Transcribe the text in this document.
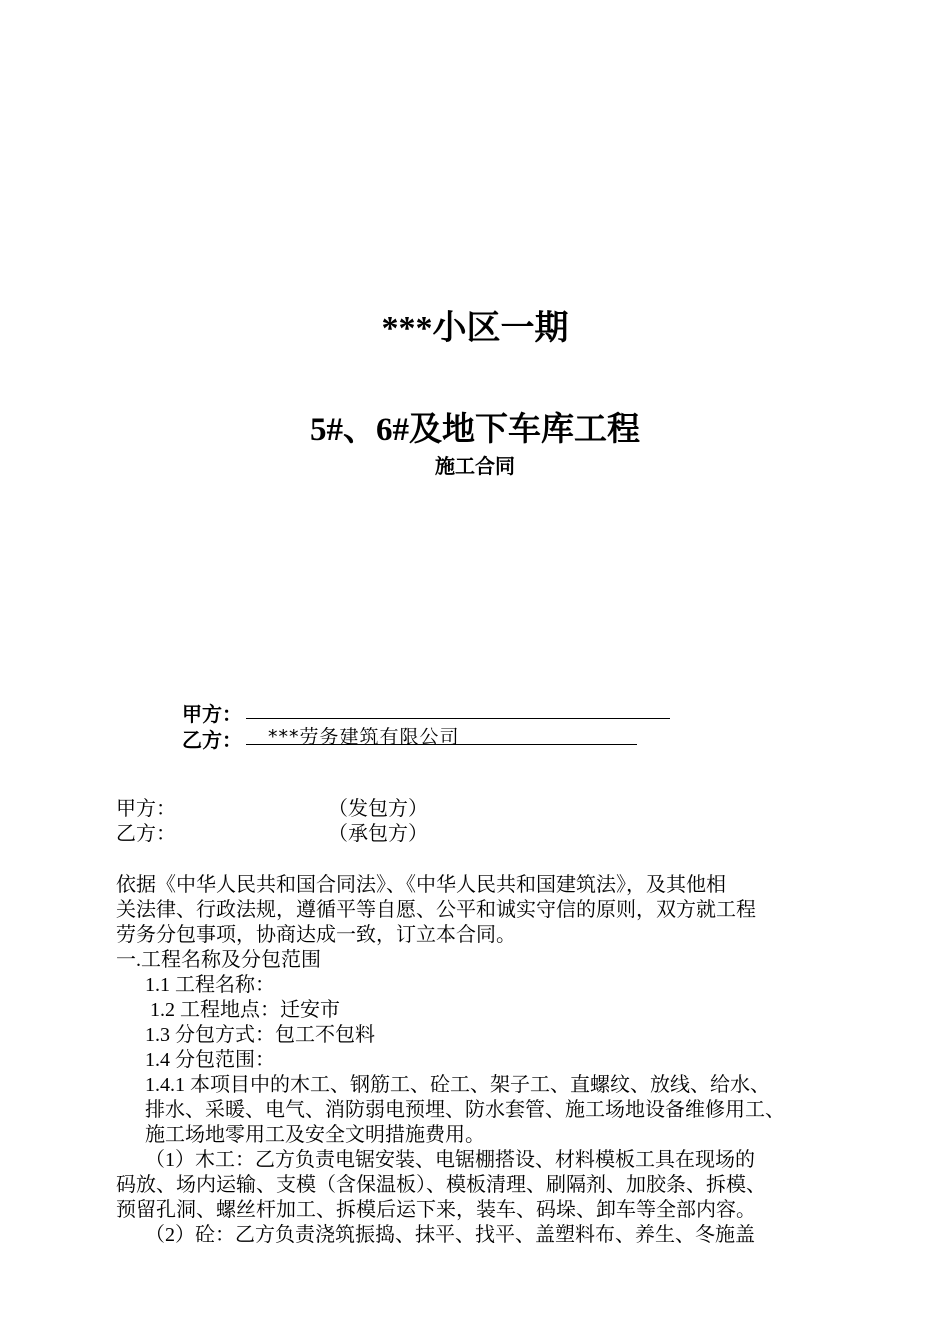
***小区一期
5#、6#及地下车库工程
施工合同
甲方：
乙方： ***劳务建筑有限公司
甲方：	（发包方）
乙方：	（承包方）
依据《中华人民共和国合同法》、《中华人民共和国建筑法》，及其他相
关法律、行政法规，遵循平等自愿、公平和诚实守信的原则，双方就工程
劳务分包事项，协商达成一致，订立本合同。
一.工程名称及分包范围
1.1 工程名称：
1.2 工程地点：迁安市
1.3 分包方式：包工不包料
1.4 分包范围：
1.4.1 本项目中的木工、钢筋工、砼工、架子工、直螺纹、放线、给水、
排水、采暖、电气、消防弱电预埋、防水套管、施工场地设备维修用工、
施工场地零用工及安全文明措施费用。
（1）木工：乙方负责电锯安装、电锯棚搭设、材料模板工具在现场的
码放、场内运输、支模（含保温板）、模板清理、刷隔剂、加胶条、拆模、
预留孔洞、螺丝杆加工、拆模后运下来，装车、码垛、卸车等全部内容。
（2）砼：乙方负责浇筑振捣、抹平、找平、盖塑料布、养生、冬施盖
